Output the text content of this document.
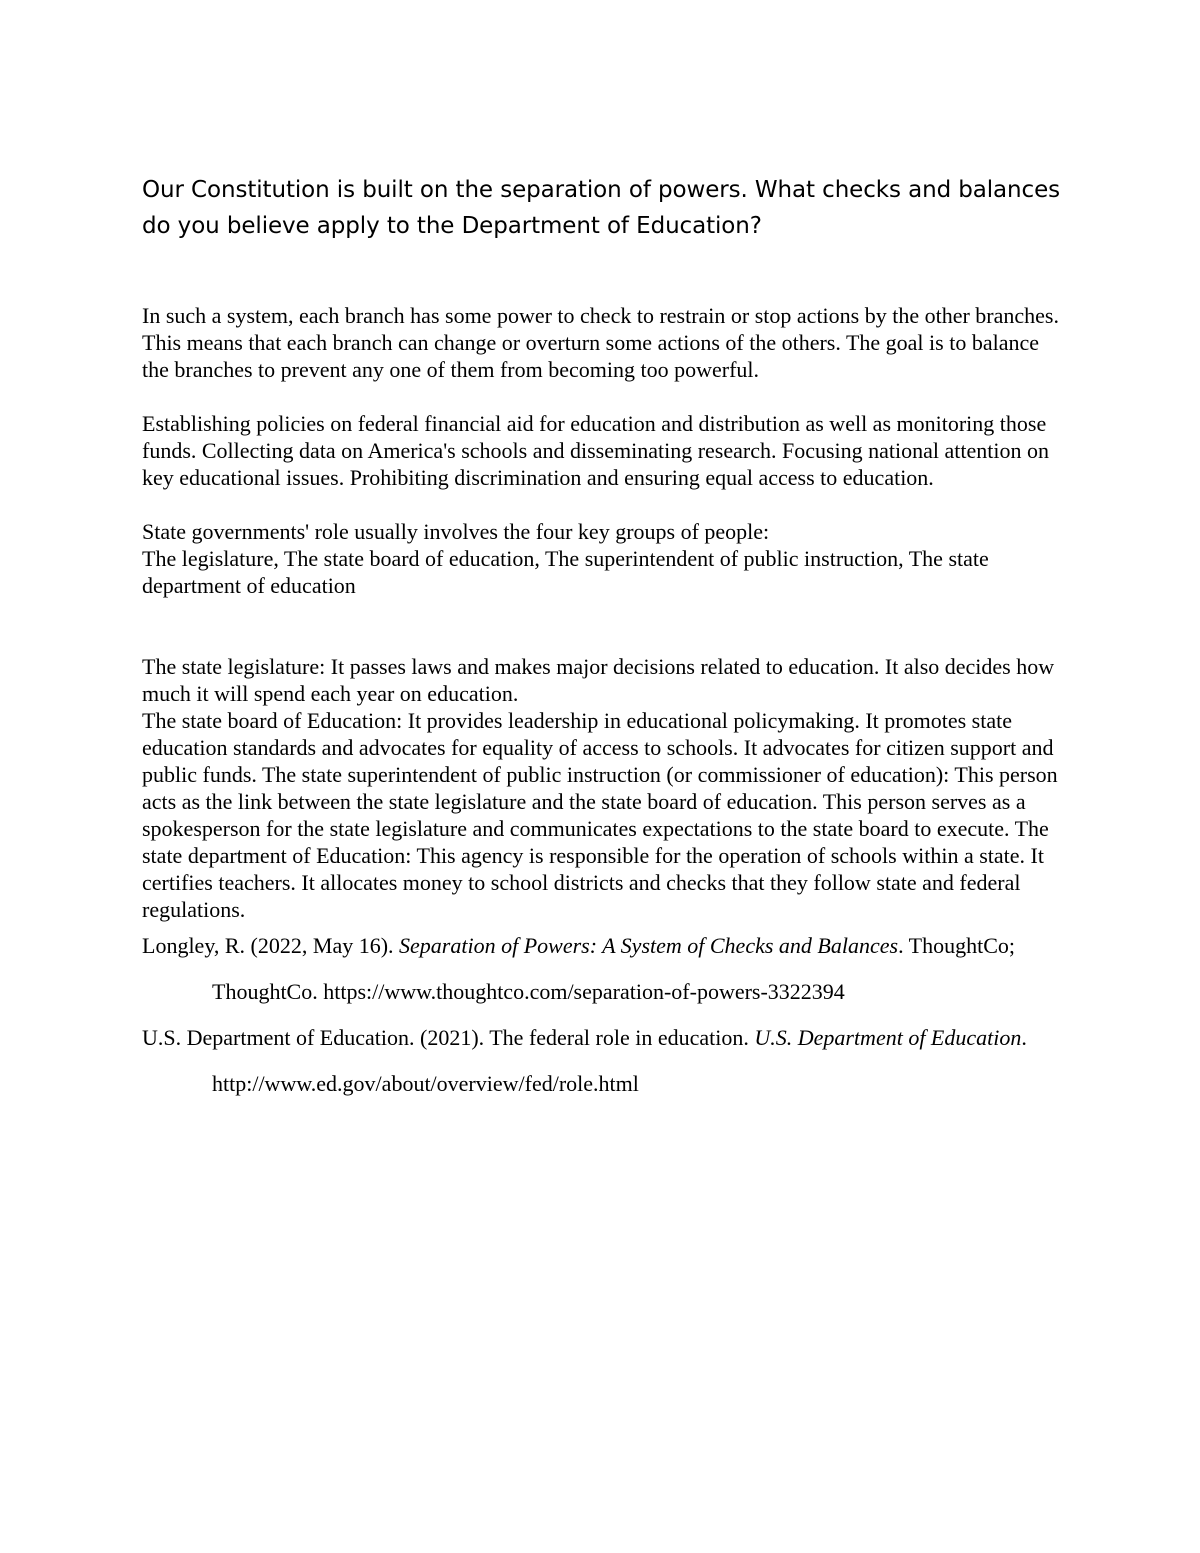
Our Constitution is built on the separation of powers. What checks and balances do you believe apply to the Department of Education?

In such a system, each branch has some power to check to restrain or stop actions by the other branches. This means that each branch can change or overturn some actions of the others. The goal is to balance the branches to prevent any one of them from becoming too powerful.

Establishing policies on federal financial aid for education and distribution as well as monitoring those funds. Collecting data on America's schools and disseminating research. Focusing national attention on key educational issues. Prohibiting discrimination and ensuring equal access to education.

State governments' role usually involves the four key groups of people:

The legislature, The state board of education, The superintendent of public instruction, The state department of education

The state legislature: It passes laws and makes major decisions related to education. It also decides how much it will spend each year on education.

The state board of Education: It provides leadership in educational policymaking. It promotes state education standards and advocates for equality of access to schools. It advocates for citizen support and public funds. The state superintendent of public instruction (or commissioner of education): This person acts as the link between the state legislature and the state board of education. This person serves as a spokesperson for the state legislature and communicates expectations to the state board to execute. The state department of Education: This agency is responsible for the operation of schools within a state. It certifies teachers. It allocates money to school districts and checks that they follow state and federal regulations.

Longley, R. (2022, May 16). Separation of Powers: A System of Checks and Balances. ThoughtCo; ThoughtCo. https://www.thoughtco.com/separation-of-powers-3322394

U.S. Department of Education. (2021). The federal role in education. U.S. Department of Education. http://www.ed.gov/about/overview/fed/role.html
